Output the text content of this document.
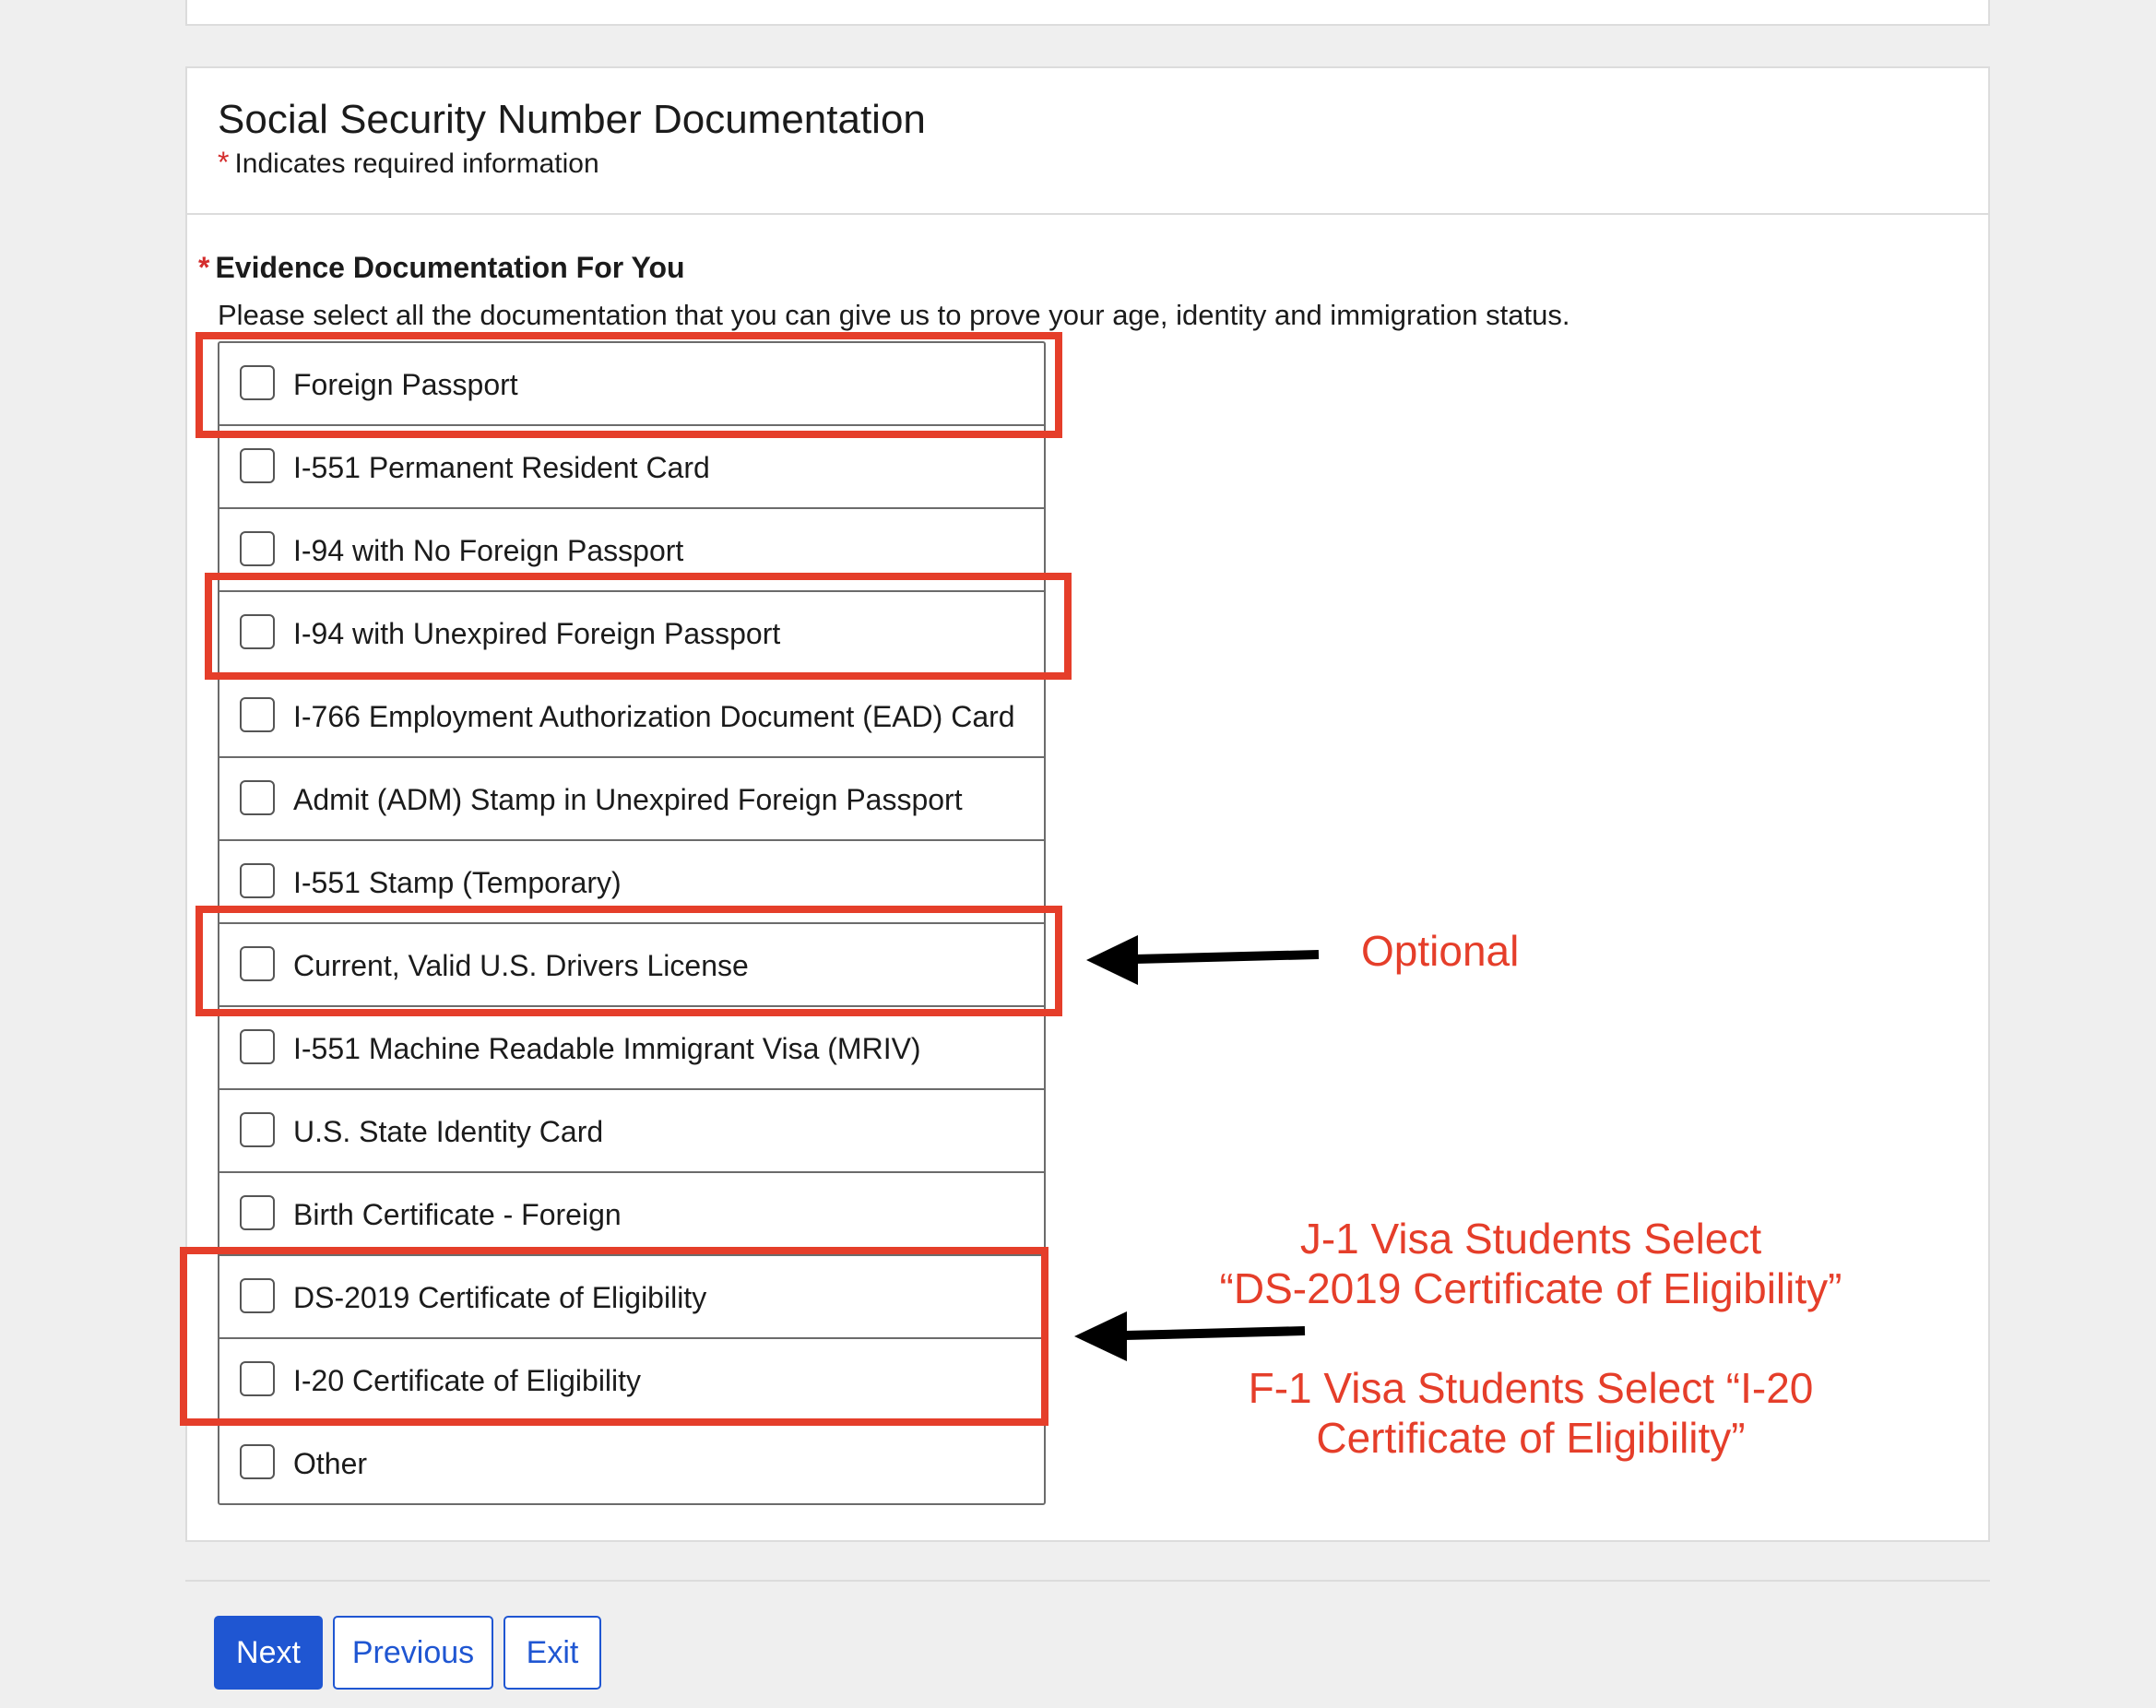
Social Security Number Documentation
* Indicates required information
* Evidence Documentation For You
Please select all the documentation that you can give us to prove your age, identity and immigration status.
Foreign Passport
I-551 Permanent Resident Card
I-94 with No Foreign Passport
I-94 with Unexpired Foreign Passport
I-766 Employment Authorization Document (EAD) Card
Admit (ADM) Stamp in Unexpired Foreign Passport
I-551 Stamp (Temporary)
Current, Valid U.S. Drivers License
I-551 Machine Readable Immigrant Visa (MRIV)
U.S. State Identity Card
Birth Certificate - Foreign
DS-2019 Certificate of Eligibility
I-20 Certificate of Eligibility
Other
Next	Previous	Exit
Optional
J-1 Visa Students Select
“DS-2019 Certificate of Eligibility”
F-1 Visa Students Select “I-20
Certificate of Eligibility”
